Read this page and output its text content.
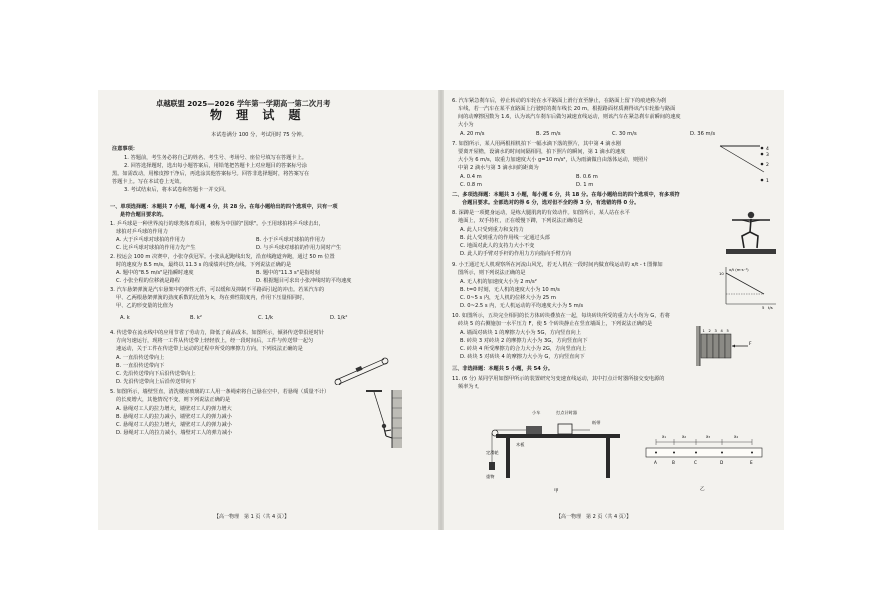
卓越联盟 2025—2026 学年第一学期高一第二次月考
物 理 试 题
本试卷满分 100 分，考试用时 75 分钟。
注意事项：
1. 答题前，考生务必将自己的姓名、考生号、考场号、座位号填写在答题卡上。
2. 回答选择题时，选出每小题答案后，用铅笔把答题卡上对应题目的答案标号涂
黑。如需改动，用橡皮擦干净后，再选涂其他答案标号。回答非选择题时，将答案写在
答题卡上。写在本试卷上无效。
3. 考试结束后，将本试卷和答题卡一并交回。
一、单项选择题：本题共 7 小题，每小题 4 分，共 28 分。在每小题给出的四个选项中，只有一项
是符合题目要求的。
1. 乒乓球是一种世界流行的球类体育项目，被称为中国的"国球"。小王用球拍将乒乓球击出，
球拍对乒乓球的作用力
A. 大于乒乓球对球拍的作用力	B. 小于乒乓球对球拍的作用力
C. 比乒乓球对球拍的作用力先产生	D. 与乒乓球对球拍的作用力同时产生
2. 校运会 100 m 决赛中，小张夺获冠军。小张从起跑线出发，沿直线跑道奔跑，通过 50 m 位置
时的速度为 8.5 m/s，最终以 11.3 s 的成绩冲过终点线。下列说法正确的是
A. 题中的"8.5 m/s"是指瞬时速度	B. 题中的"11.3 s"是指时刻
C. 小张全程的位移就是路程	D. 根据题目可求出小张冲线时的平均速度
3. 汽车悬架弹簧是汽车悬架中的弹性元件，可以缓和及抑制不平路面引起的冲击。若某汽车的
甲、乙两根悬架弹簧的劲度系数的比值为 k，均在弹性限度内，作用下压量相同时，
甲、乙的形变量的比值为
A. k	B. k²	C. 1/k	D. 1/k²
4. 传送带在流水线中的应用节省了劳动力，降低了商品成本。如图所示，倾斜传送带沿逆时针
方向匀速运行，现将一工件从传送带上轻轻放上，经一段时间后，工件与传送带一起匀
速运动，关于工件在传送带上运动的过程中所受的摩擦力方向，下列说法正确的是
A. 一直沿传送带向上
B. 一直沿传送带向下
C. 先沿传送带向下后沿传送带向上
D. 先沿传送带向上后沿传送带向下
5. 如图所示，墙壁竖直，清洗楼房玻璃的工人用一条绳索将自己悬在空中，若悬绳（质量不计）
的长度增大，其他情况不变，则下列说法正确的是
A. 悬绳对工人的拉力增大，墙壁对工人的弹力增大
B. 悬绳对工人的拉力减小，墙壁对工人的弹力减小
C. 悬绳对工人的拉力增大，墙壁对工人的弹力减小
D. 悬绳对工人的拉力减小，墙壁对工人的弹力减小
【高一物理　第 1 页（共 4 页）】
6. 汽车紧急刹车后，停止转动的车轮在水平路面上滑行直至静止，在路面上留下的痕迹称为刹
车线，若一汽车在某平直路面上行驶时的刹车线长 20 m，根据路面材质测得该汽车轮胎与路面
间的动摩擦因数为 1.6，认为该汽车刹车后做匀减速直线运动，则该汽车在紧急刹车前瞬间的速度
大小为
A. 20 m/s	B. 25 m/s	C. 30 m/s	D. 36 m/s
7. 如图所示，某人用两根相机拍下一幅水滴下落的照片，其中第 4 滴水刚
要离开屋檐，设滴水的时间间隔相同，拍下照片的瞬间，第 1 滴水的速度
大小为 6 m/s，取重力加速度大小 g=10 m/s²，认为雨滴做自由落体运动，则照片
中第 2 滴水与第 3 滴水间的距离为
A. 0.4 m	B. 0.6 m
C. 0.8 m	D. 1 m
4
3
2
1
二、多项选择题：本题共 3 小题，每小题 6 分，共 18 分。在每小题给出的四个选项中，有多项符
合题目要求。全部选对的得 6 分，选对但不全的得 3 分，有选错的得 0 分。
8. 深蹲是一项健身运动，是练大腿肌肉的有效动作。如图所示，某人站在水平
地面上，双手持杠，正在缓慢下蹲，下列说法正确的是
A. 此人只受到重力和支持力
B. 此人受到重力的作用线一定通过头部
C. 地面对此人的支持力大小不变
D. 此人的手臂对手杆的作用力方向指向手臂方向
9. 小王通过无人机观察所在河流山风光，若无人机在一段时间内做直线运动的 x/t - t 图像如
图所示，则下列说法正确的是
A. 无人机的加速度大小为 2 m/s²
B. t=0 时刻，无人机的速度大小为 10 m/s
C. 0~5 s 内，无人机的位移大小为 25 m
D. 0~2.5 s 内，无人机运动的平均速度大小为 5 m/s
x/t (m·s⁻¹)
t/s
10
5
10. 如图所示，五块完全相同的长方体砖块叠放在一起，每块砖块所受的重力大小均为 G，若将
砖块 5 的右侧施加一水平压力 F，使 5 个砖块静止在竖直墙面上，下列说法正确的是
A. 墙面对砖块 1 的摩擦力大小为 5G，方向竖直向上
B. 砖块 3 对砖块 2 的摩擦力大小为 3G，方向竖直向下
C. 砖块 4 所受摩擦力的合力大小为 2G，方向竖直向上
D. 砖块 5 对砖块 4 的摩擦力大小为 G，方向竖直向下
F
1 2 3 4 5
三、非选择题：本题共 5 小题，共 54 分。
11. (6 分) 某同学用如图甲所示的装置研究匀变速直线运动，其中打点计时器所接交变电源的
频率为 f。
小车	打点计时器
纸带
定滑轮
木板
重物
甲
x₁	x₂	x₃	x₄
A	B	C	D	E
乙
【高一物理　第 2 页（共 4 页）】
